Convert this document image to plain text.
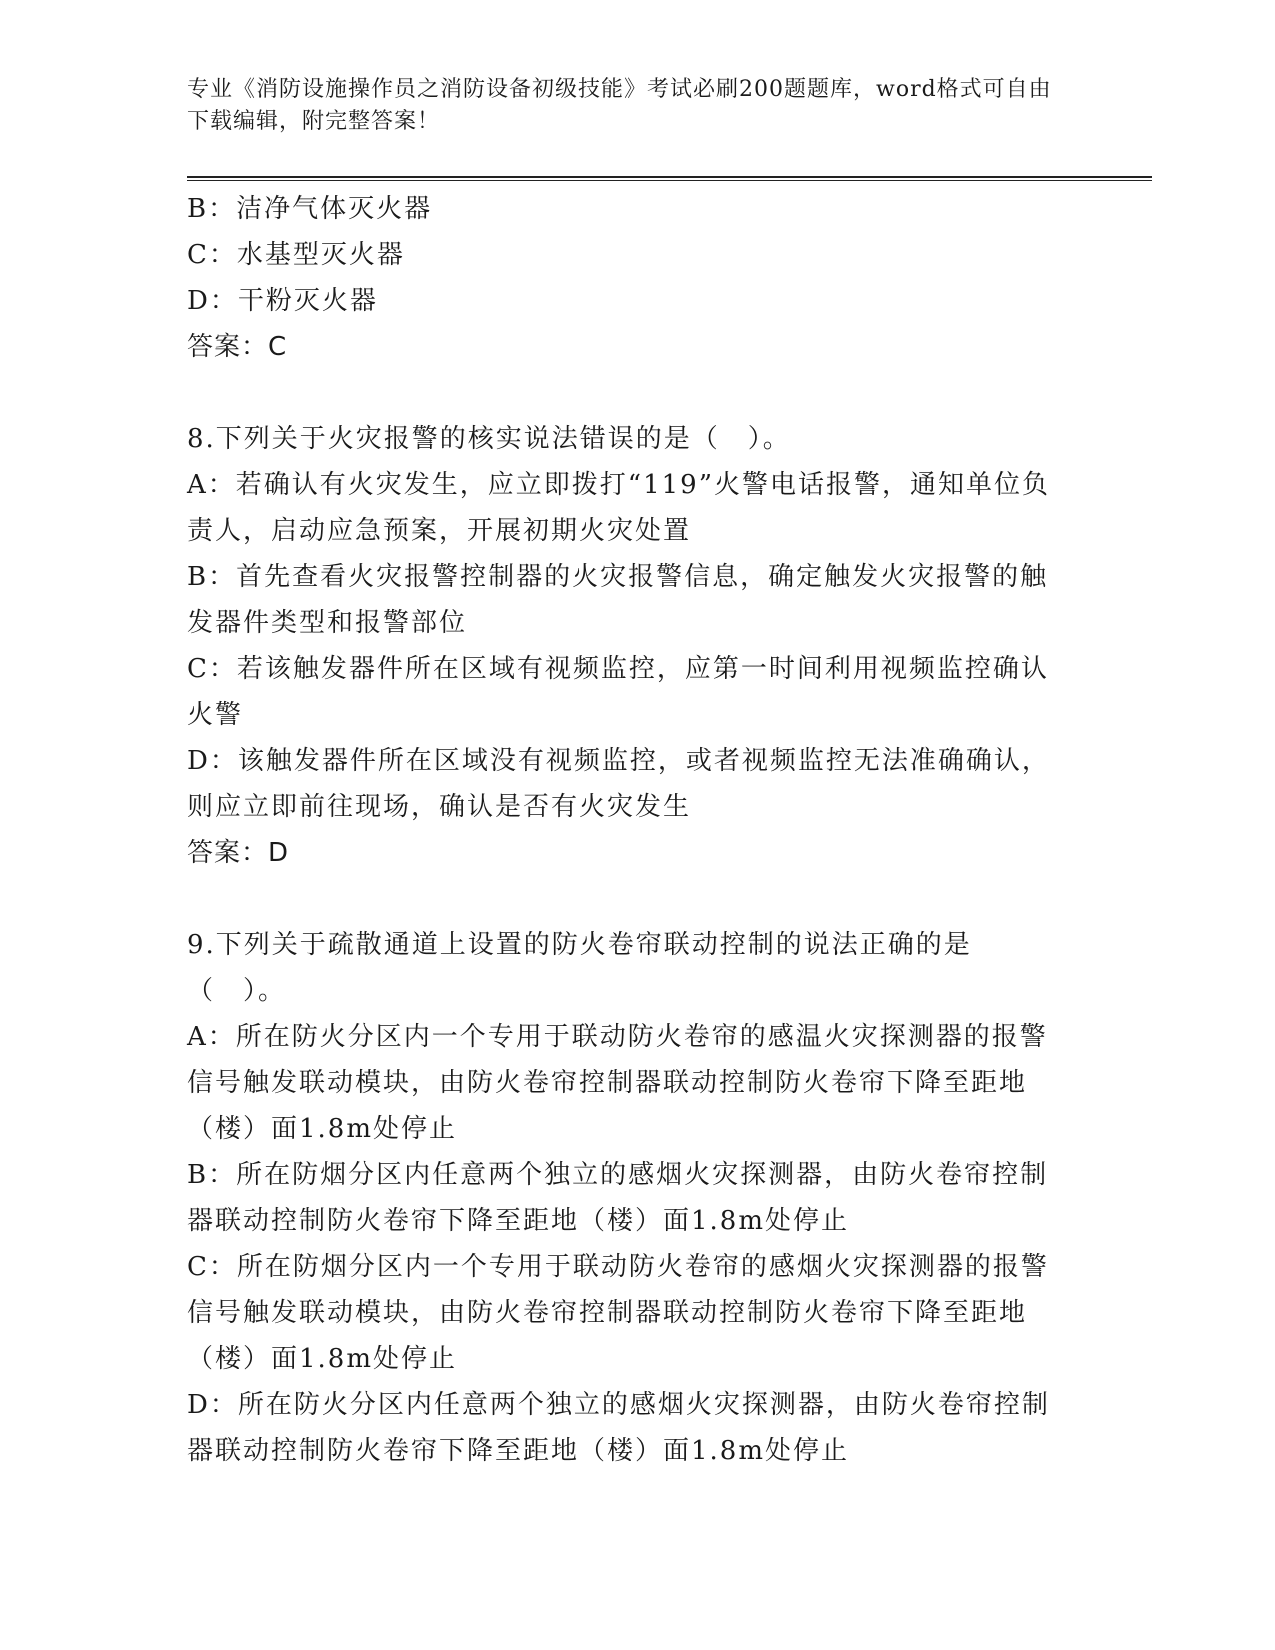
专业《消防设施操作员之消防设备初级技能》考试必刷200题题库，word格式可自由下载编辑，附完整答案！
B：洁净气体灭火器
C：水基型灭火器
D：干粉灭火器
答案：C
8.下列关于火灾报警的核实说法错误的是（　）。
A：若确认有火灾发生，应立即拨打“119”火警电话报警，通知单位负责人，启动应急预案，开展初期火灾处置
B：首先查看火灾报警控制器的火灾报警信息，确定触发火灾报警的触发器件类型和报警部位
C：若该触发器件所在区域有视频监控，应第一时间利用视频监控确认火警
D：该触发器件所在区域没有视频监控，或者视频监控无法准确确认，则应立即前往现场，确认是否有火灾发生
答案：D
9.下列关于疏散通道上设置的防火卷帘联动控制的说法正确的是（　）。
A：所在防火分区内一个专用于联动防火卷帘的感温火灾探测器的报警信号触发联动模块，由防火卷帘控制器联动控制防火卷帘下降至距地（楼）面1.8m处停止
B：所在防烟分区内任意两个独立的感烟火灾探测器，由防火卷帘控制器联动控制防火卷帘下降至距地（楼）面1.8m处停止
C：所在防烟分区内一个专用于联动防火卷帘的感烟火灾探测器的报警信号触发联动模块，由防火卷帘控制器联动控制防火卷帘下降至距地（楼）面1.8m处停止
D：所在防火分区内任意两个独立的感烟火灾探测器，由防火卷帘控制器联动控制防火卷帘下降至距地（楼）面1.8m处停止
